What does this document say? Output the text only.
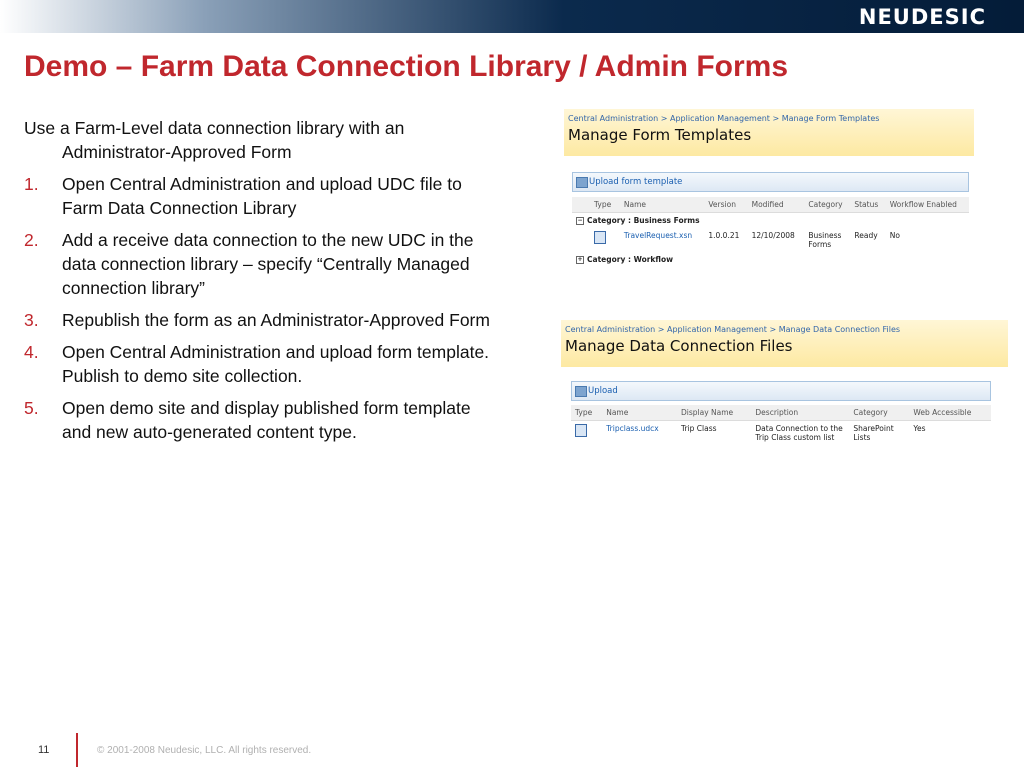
NEUDESIC
Demo – Farm Data Connection Library / Admin Forms
Use a Farm-Level data connection library with an Administrator-Approved Form
1. Open Central Administration and upload UDC file to Farm Data Connection Library
2. Add a receive data connection to the new UDC in the data connection library – specify “Centrally Managed connection library”
3. Republish the form as an Administrator-Approved Form
4. Open Central Administration and upload form template. Publish to demo site collection.
5. Open demo site and display published form template and new auto-generated content type.
Central Administration > Application Management > Manage Form Templates
Manage Form Templates
Upload form template
Type	Name	Version	Modified	Category	Status	Workflow Enabled
− Category : Business Forms						
	TravelRequest.xsn	1.0.0.21	12/10/2008	Business Forms	Ready	No
+ Category : Workflow						
Central Administration > Application Management > Manage Data Connection Files
Manage Data Connection Files
Upload
Type	Name	Display Name	Description	Category	Web Accessible
	Tripclass.udcx	Trip Class	Data Connection to the Trip Class custom list	SharePoint Lists	Yes
11	© 2001-2008 Neudesic, LLC. All rights reserved.
